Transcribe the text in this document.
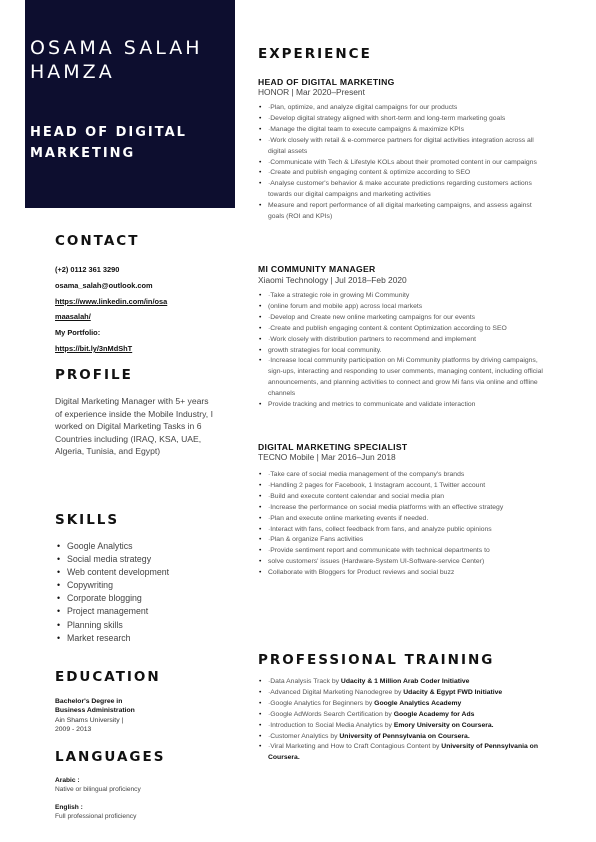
OSAMA SALAH HAMZA
HEAD OF DIGITAL MARKETING
CONTACT
(+2) 0112 361 3290
osama_salah@outlook.com
https://www.linkedin.com/in/osa
maasalah/
My Portfolio:
https://bit.ly/3nMdShT
PROFILE

Digital Marketing Manager with 5+ years of experience inside the Mobile Industry, I worked on Digital Marketing Tasks in 6 Countries including (IRAQ, KSA, UAE, Algeria, Tunisia, and Egypt)

SKILLS
• Google Analytics
• Social media strategy
• Web content development
• Copywriting
• Corporate blogging
• Project management
• Planning skills
• Market research
EDUCATION
Bachelor's Degree in
Business Administration
Ain Shams University |
2009 - 2013
LANGUAGES
Arabic :
Native or bilingual proficiency
English :
Full professional proficiency
EXPERIENCE
HEAD OF DIGITAL MARKETING

HONOR | Mar 2020–Present

• ·Plan, optimize, and analyze digital campaigns for our products
• ·Develop digital strategy aligned with short-term and long-term marketing goals
• ·Manage the digital team to execute campaigns & maximize KPIs
• ·Work closely with retail & e-commerce partners for digital activities integration across all digital assets
• ·Communicate with Tech & Lifestyle KOLs about their promoted content in our campaigns
• ·Create and publish engaging content & optimize according to SEO
• ·Analyse customer's behavior & make accurate predictions regarding customers actions towards our digital campaigns and marketing activities
• Measure and report performance of all digital marketing campaigns, and assess against goals (ROI and KPIs)
MI COMMUNITY MANAGER

Xiaomi Technology | Jul 2018–Feb 2020

• ·Take a strategic role in growing Mi Community
• (online forum and mobile app) across local markets
• ·Develop and Create new online marketing campaigns for our events
• ·Create and publish engaging content & content Optimization according to SEO
• ·Work closely with distribution partners to recommend and implement
• growth strategies for local community.
• ·Increase local community participation on Mi Community platforms by driving campaigns, sign-ups, interacting and responding to user comments, managing content, including official announcements, and planning activities to connect and grow Mi fans via online and offline channels
• Provide tracking and metrics to communicate and validate interaction
DIGITAL MARKETING SPECIALIST

TECNO Mobile | Mar 2016–Jun 2018

• ·Take care of social media management of the company's brands
• ·Handling 2 pages for Facebook, 1 Instagram account, 1 Twitter account
• ·Build and execute content calendar and social media plan
• ·Increase the performance on social media platforms with an effective strategy
• ·Plan and execute online marketing events if needed.
• ·Interact with fans, collect feedback from fans, and analyze public opinions
• ·Plan & organize Fans activities
• ·Provide sentiment report and communicate with technical departments to
• solve customers' issues (Hardware-System UI-Software-service Center)
• Collaborate with Bloggers for Product reviews and social buzz
PROFESSIONAL TRAINING
• ·Data Analysis Track by Udacity & 1 Million Arab Coder Initiative
• ·Advanced Digital Marketing Nanodegree by Udacity & Egypt FWD Initiative
• ·Google Analytics for Beginners by Google Analytics Academy
• ·Google AdWords Search Certification by Google Academy for Ads
• ·Introduction to Social Media Analytics by Emory University on Coursera.
• ·Customer Analytics by University of Pennsylvania on Coursera.
• ·Viral Marketing and How to Craft Contagious Content by University of Pennsylvania on Coursera.
